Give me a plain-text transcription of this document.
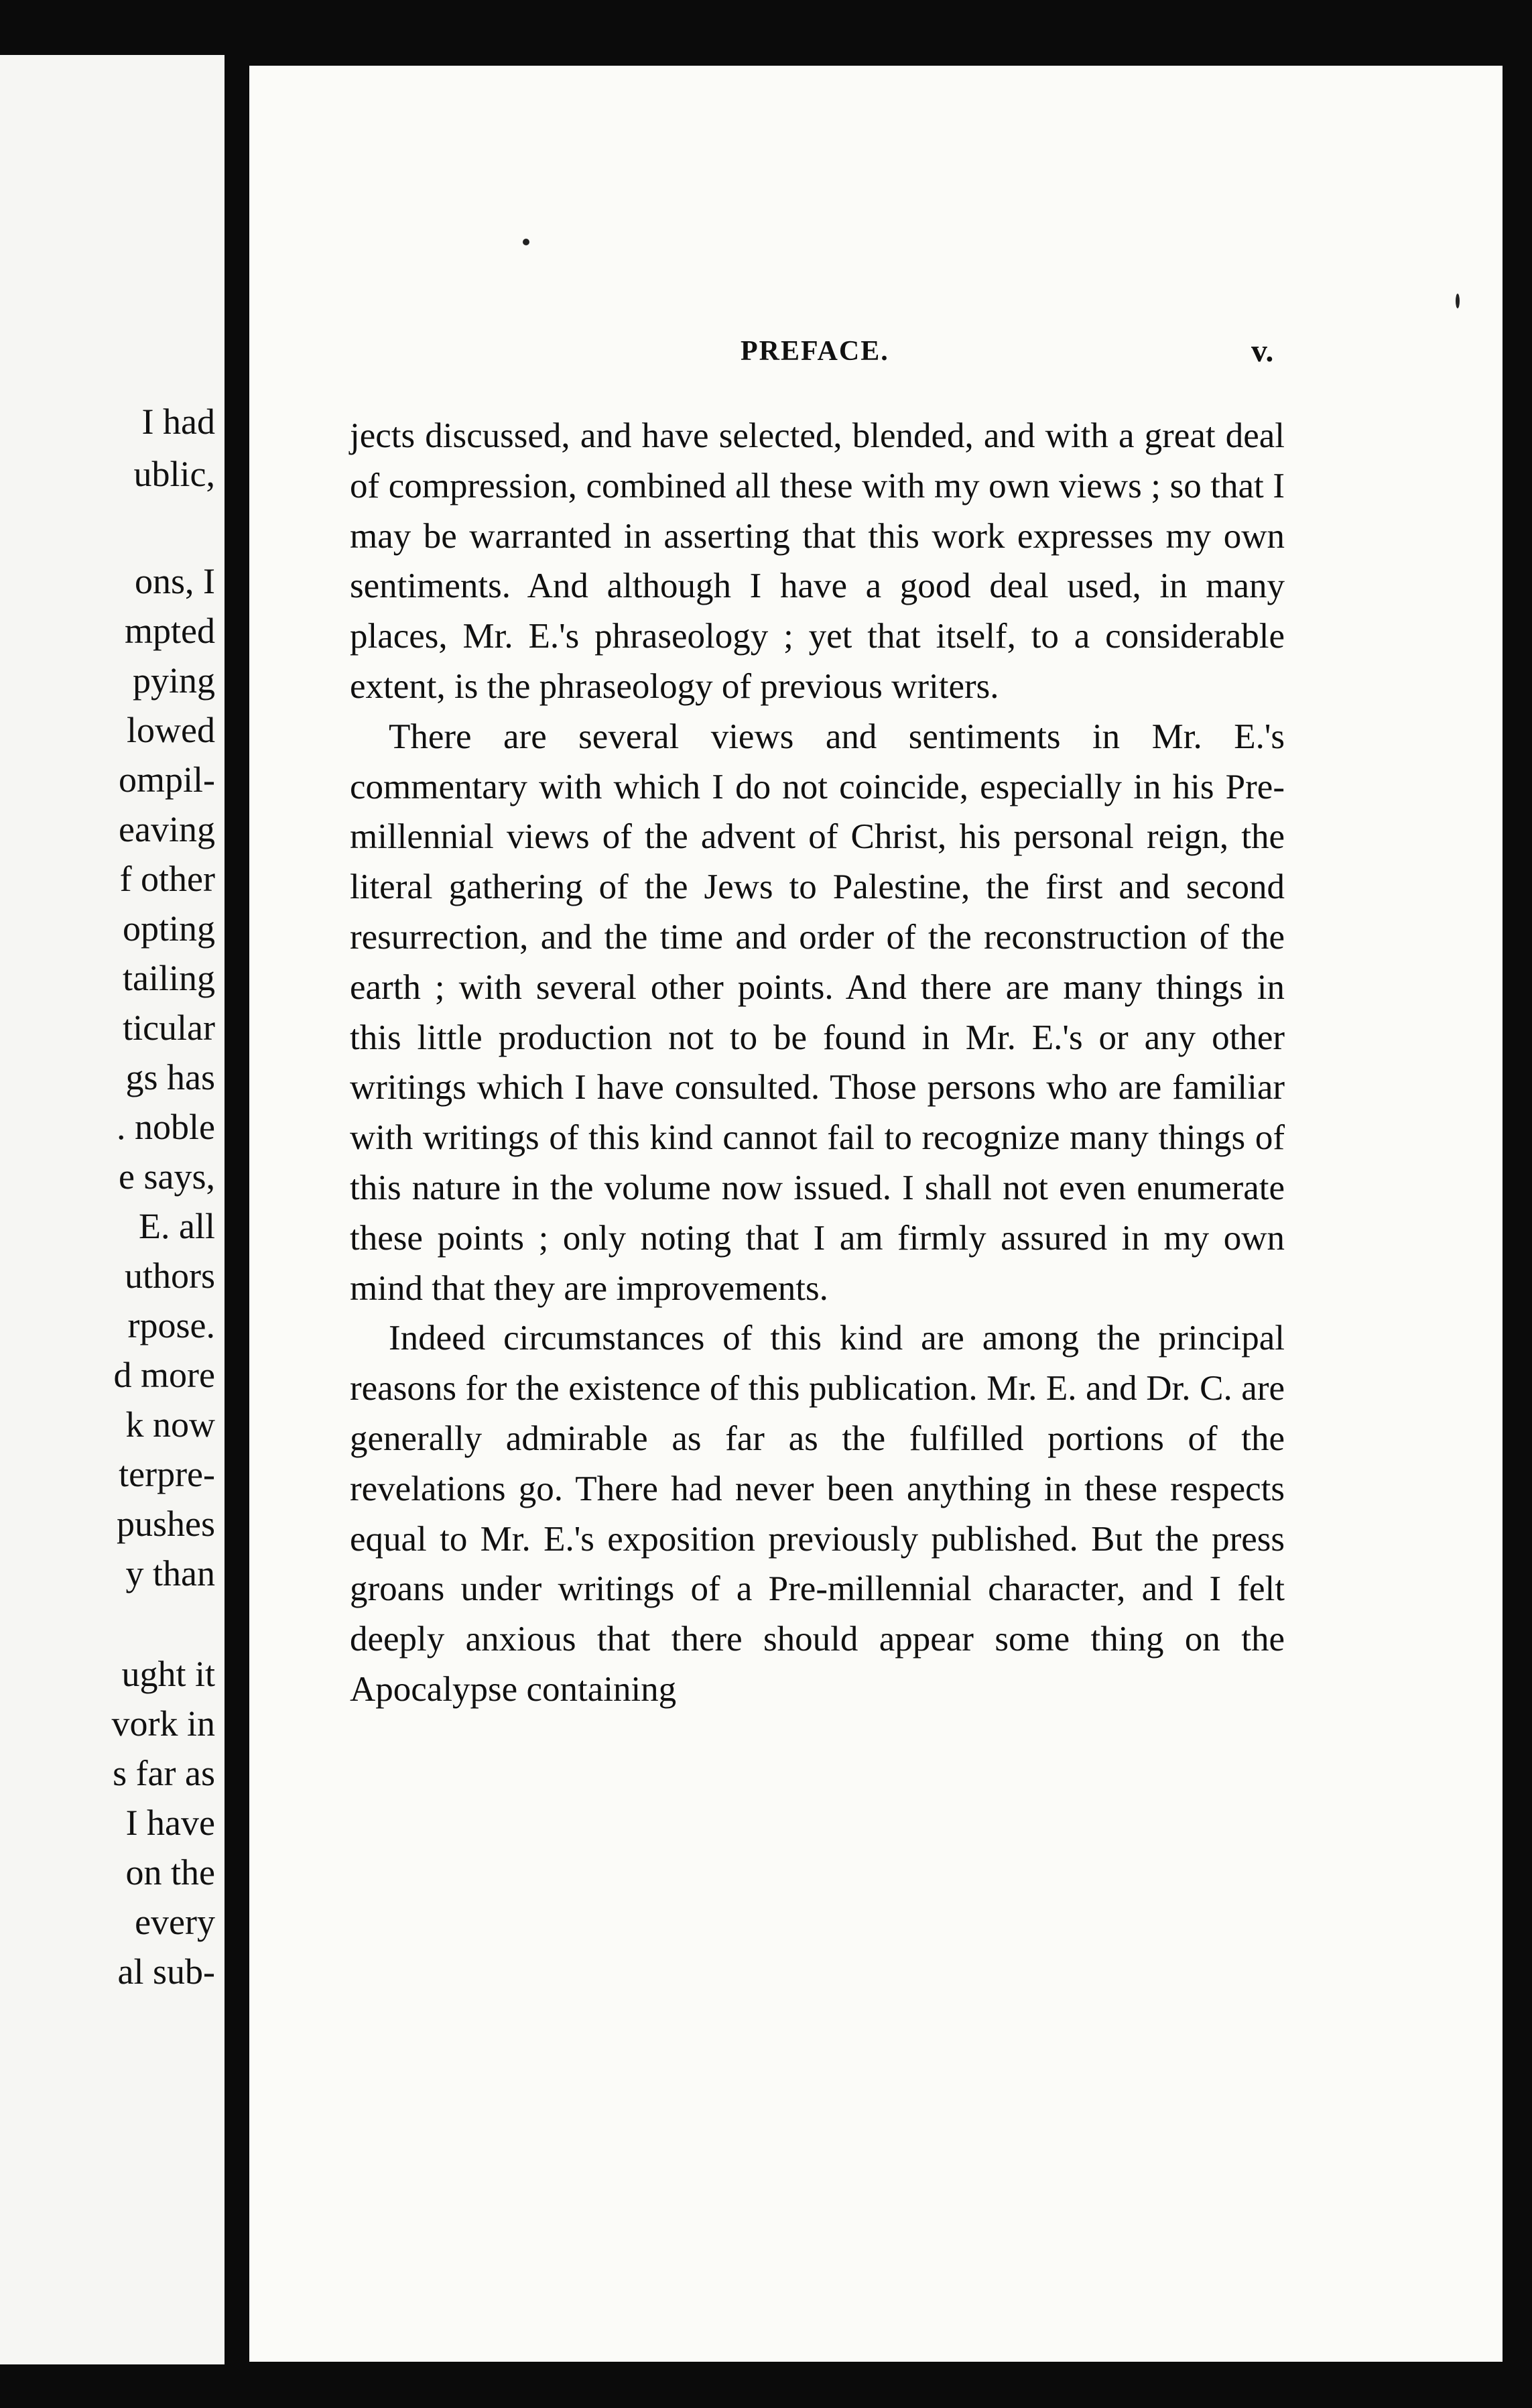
I had

ublic,

ons, I

mpted

pying

lowed

ompil-

eaving

f other

opting

tailing

ticular

gs has

. noble

e says,

E. all

uthors

rpose.

d more

k now

terpre-

pushes

y than

ught it

vork in

s far as

I have

on the

every

al sub-

PREFACE.	v.

jects discussed, and have selected, blended, and with a great deal of compression, combined all these with my own views ; so that I may be warranted in asserting that this work expresses my own sentiments. And although I have a good deal used, in many places, Mr. E.'s phraseology ; yet that itself, to a considerable extent, is the phraseology of previous writers.

There are several views and sentiments in Mr. E.'s commentary with which I do not coincide, especially in his Pre-millennial views of the advent of Christ, his personal reign, the literal gathering of the Jews to Palestine, the first and second resurrection, and the time and order of the reconstruction of the earth ; with several other points. And there are many things in this little production not to be found in Mr. E.'s or any other writings which I have consulted. Those persons who are familiar with writings of this kind cannot fail to recognize many things of this nature in the volume now issued. I shall not even enumerate these points ; only noting that I am firmly assured in my own mind that they are improvements.

Indeed circumstances of this kind are among the principal reasons for the existence of this publication. Mr. E. and Dr. C. are generally admirable as far as the fulfilled portions of the revelations go. There had never been anything in these respects equal to Mr. E.'s exposition previously published. But the press groans under writings of a Pre-millennial character, and I felt deeply anxious that there should appear some thing on the Apocalypse containing
